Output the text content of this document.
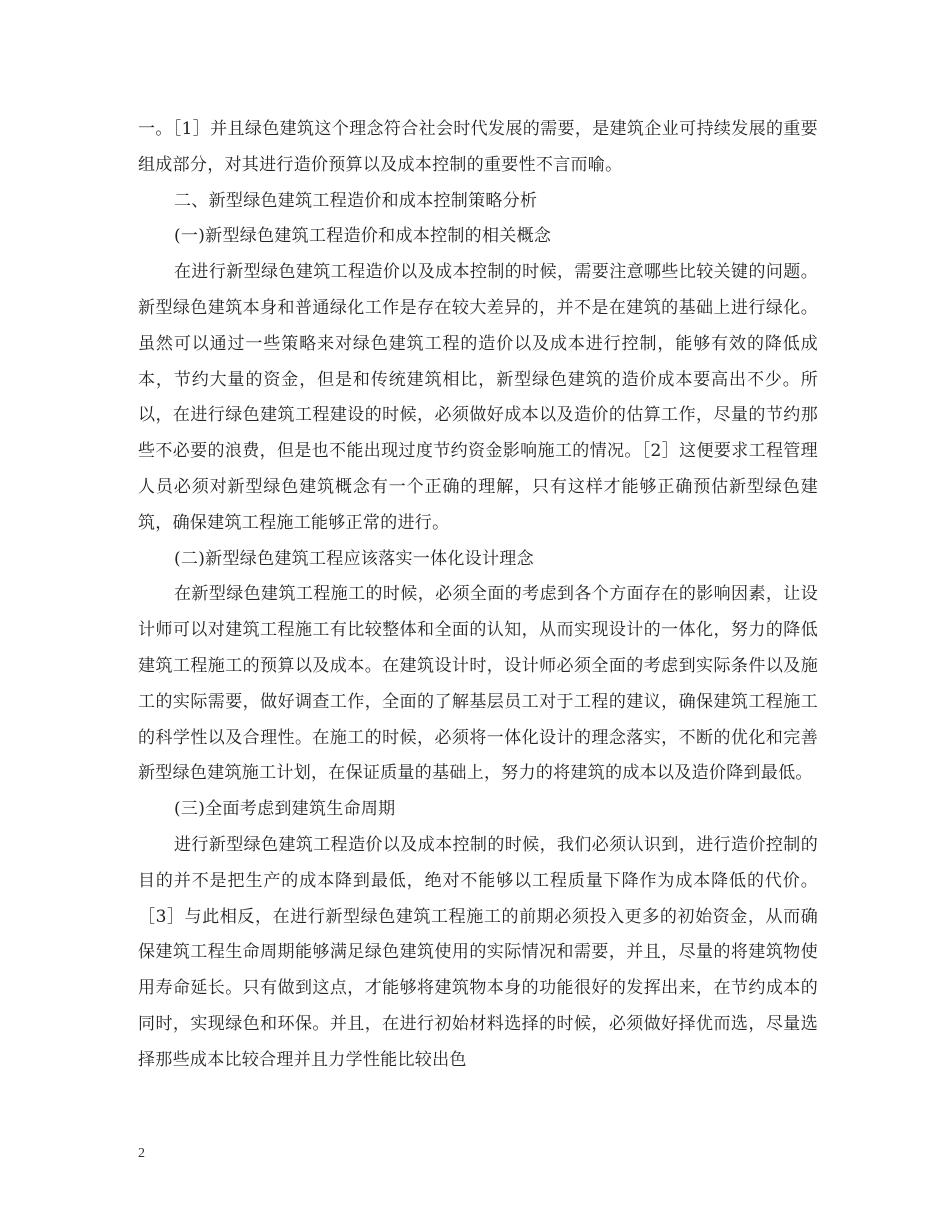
一。［1］并且绿色建筑这个理念符合社会时代发展的需要，是建筑企业可持续发展的重要组成部分，对其进行造价预算以及成本控制的重要性不言而喻。

二、新型绿色建筑工程造价和成本控制策略分析

(一)新型绿色建筑工程造价和成本控制的相关概念

在进行新型绿色建筑工程造价以及成本控制的时候，需要注意哪些比较关键的问题。新型绿色建筑本身和普通绿化工作是存在较大差异的，并不是在建筑的基础上进行绿化。虽然可以通过一些策略来对绿色建筑工程的造价以及成本进行控制，能够有效的降低成本，节约大量的资金，但是和传统建筑相比，新型绿色建筑的造价成本要高出不少。所以，在进行绿色建筑工程建设的时候，必须做好成本以及造价的估算工作，尽量的节约那些不必要的浪费，但是也不能出现过度节约资金影响施工的情况。［2］这便要求工程管理人员必须对新型绿色建筑概念有一个正确的理解，只有这样才能够正确预估新型绿色建筑，确保建筑工程施工能够正常的进行。

(二)新型绿色建筑工程应该落实一体化设计理念

在新型绿色建筑工程施工的时候，必须全面的考虑到各个方面存在的影响因素，让设计师可以对建筑工程施工有比较整体和全面的认知，从而实现设计的一体化，努力的降低建筑工程施工的预算以及成本。在建筑设计时，设计师必须全面的考虑到实际条件以及施工的实际需要，做好调查工作，全面的了解基层员工对于工程的建议，确保建筑工程施工的科学性以及合理性。在施工的时候，必须将一体化设计的理念落实，不断的优化和完善新型绿色建筑施工计划，在保证质量的基础上，努力的将建筑的成本以及造价降到最低。

(三)全面考虑到建筑生命周期

进行新型绿色建筑工程造价以及成本控制的时候，我们必须认识到，进行造价控制的目的并不是把生产的成本降到最低，绝对不能够以工程质量下降作为成本降低的代价。［3］与此相反，在进行新型绿色建筑工程施工的前期必须投入更多的初始资金，从而确保建筑工程生命周期能够满足绿色建筑使用的实际情况和需要，并且，尽量的将建筑物使用寿命延长。只有做到这点，才能够将建筑物本身的功能很好的发挥出来，在节约成本的同时，实现绿色和环保。并且，在进行初始材料选择的时候，必须做好择优而选，尽量选择那些成本比较合理并且力学性能比较出色

2
